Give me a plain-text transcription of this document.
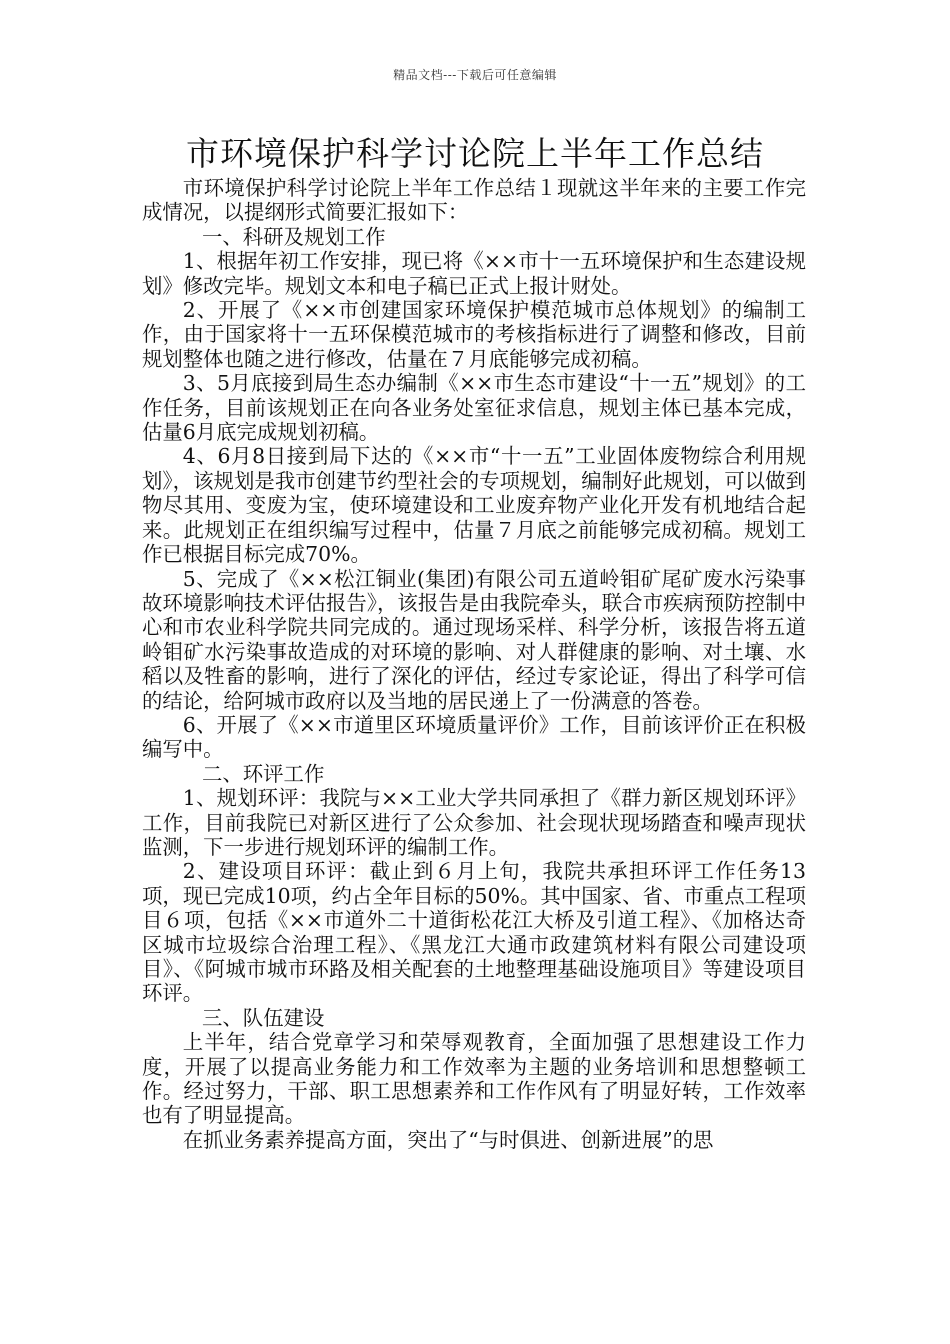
精品文档---下载后可任意编辑
市环境保护科学讨论院上半年工作总结

市环境保护科学讨论院上半年工作总结１现就这半年来的主要工作完成情况，以提纲形式简要汇报如下：

一、科研及规划工作

1、根据年初工作安排，现已将《××市十一五环境保护和生态建设规划》修改完毕。规划文本和电子稿已正式上报计财处。

2、开展了《××市创建国家环境保护模范城市总体规划》的编制工作，由于国家将十一五环保模范城市的考核指标进行了调整和修改，目前规划整体也随之进行修改，估量在７月底能够完成初稿。

3、5月底接到局生态办编制《××市生态市建设“十一五”规划》的工作任务，目前该规划正在向各业务处室征求信息，规划主体已基本完成，估量6月底完成规划初稿。

4、6月8日接到局下达的《××市“十一五”工业固体废物综合利用规划》，该规划是我市创建节约型社会的专项规划，编制好此规划，可以做到物尽其用、变废为宝，使环境建设和工业废弃物产业化开发有机地结合起来。此规划正在组织编写过程中，估量７月底之前能够完成初稿。规划工作已根据目标完成70%。

5、完成了《××松江铜业(集团)有限公司五道岭钼矿尾矿废水污染事故环境影响技术评估报告》，该报告是由我院牵头，联合市疾病预防控制中心和市农业科学院共同完成的。通过现场采样、科学分析，该报告将五道岭钼矿水污染事故造成的对环境的影响、对人群健康的影响、对土壤、水稻以及牲畜的影响，进行了深化的评估，经过专家论证，得出了科学可信的结论，给阿城市政府以及当地的居民递上了一份满意的答卷。

6、开展了《××市道里区环境质量评价》工作，目前该评价正在积极编写中。

二、环评工作

1、规划环评：我院与××工业大学共同承担了《群力新区规划环评》工作，目前我院已对新区进行了公众参加、社会现状现场踏查和噪声现状监测，下一步进行规划环评的编制工作。

2、建设项目环评：截止到６月上旬，我院共承担环评工作任务13项，现已完成10项，约占全年目标的50%。其中国家、省、市重点工程项目６项，包括《××市道外二十道街松花江大桥及引道工程》、《加格达奇区城市垃圾综合治理工程》、《黑龙江大通市政建筑材料有限公司建设项目》、《阿城市城市环路及相关配套的土地整理基础设施项目》等建设项目环评。

三、队伍建设

上半年，结合党章学习和荣辱观教育，全面加强了思想建设工作力度，开展了以提高业务能力和工作效率为主题的业务培训和思想整顿工作。经过努力，干部、职工思想素养和工作作风有了明显好转，工作效率也有了明显提高。

在抓业务素养提高方面，突出了“与时俱进、创新进展”的思
